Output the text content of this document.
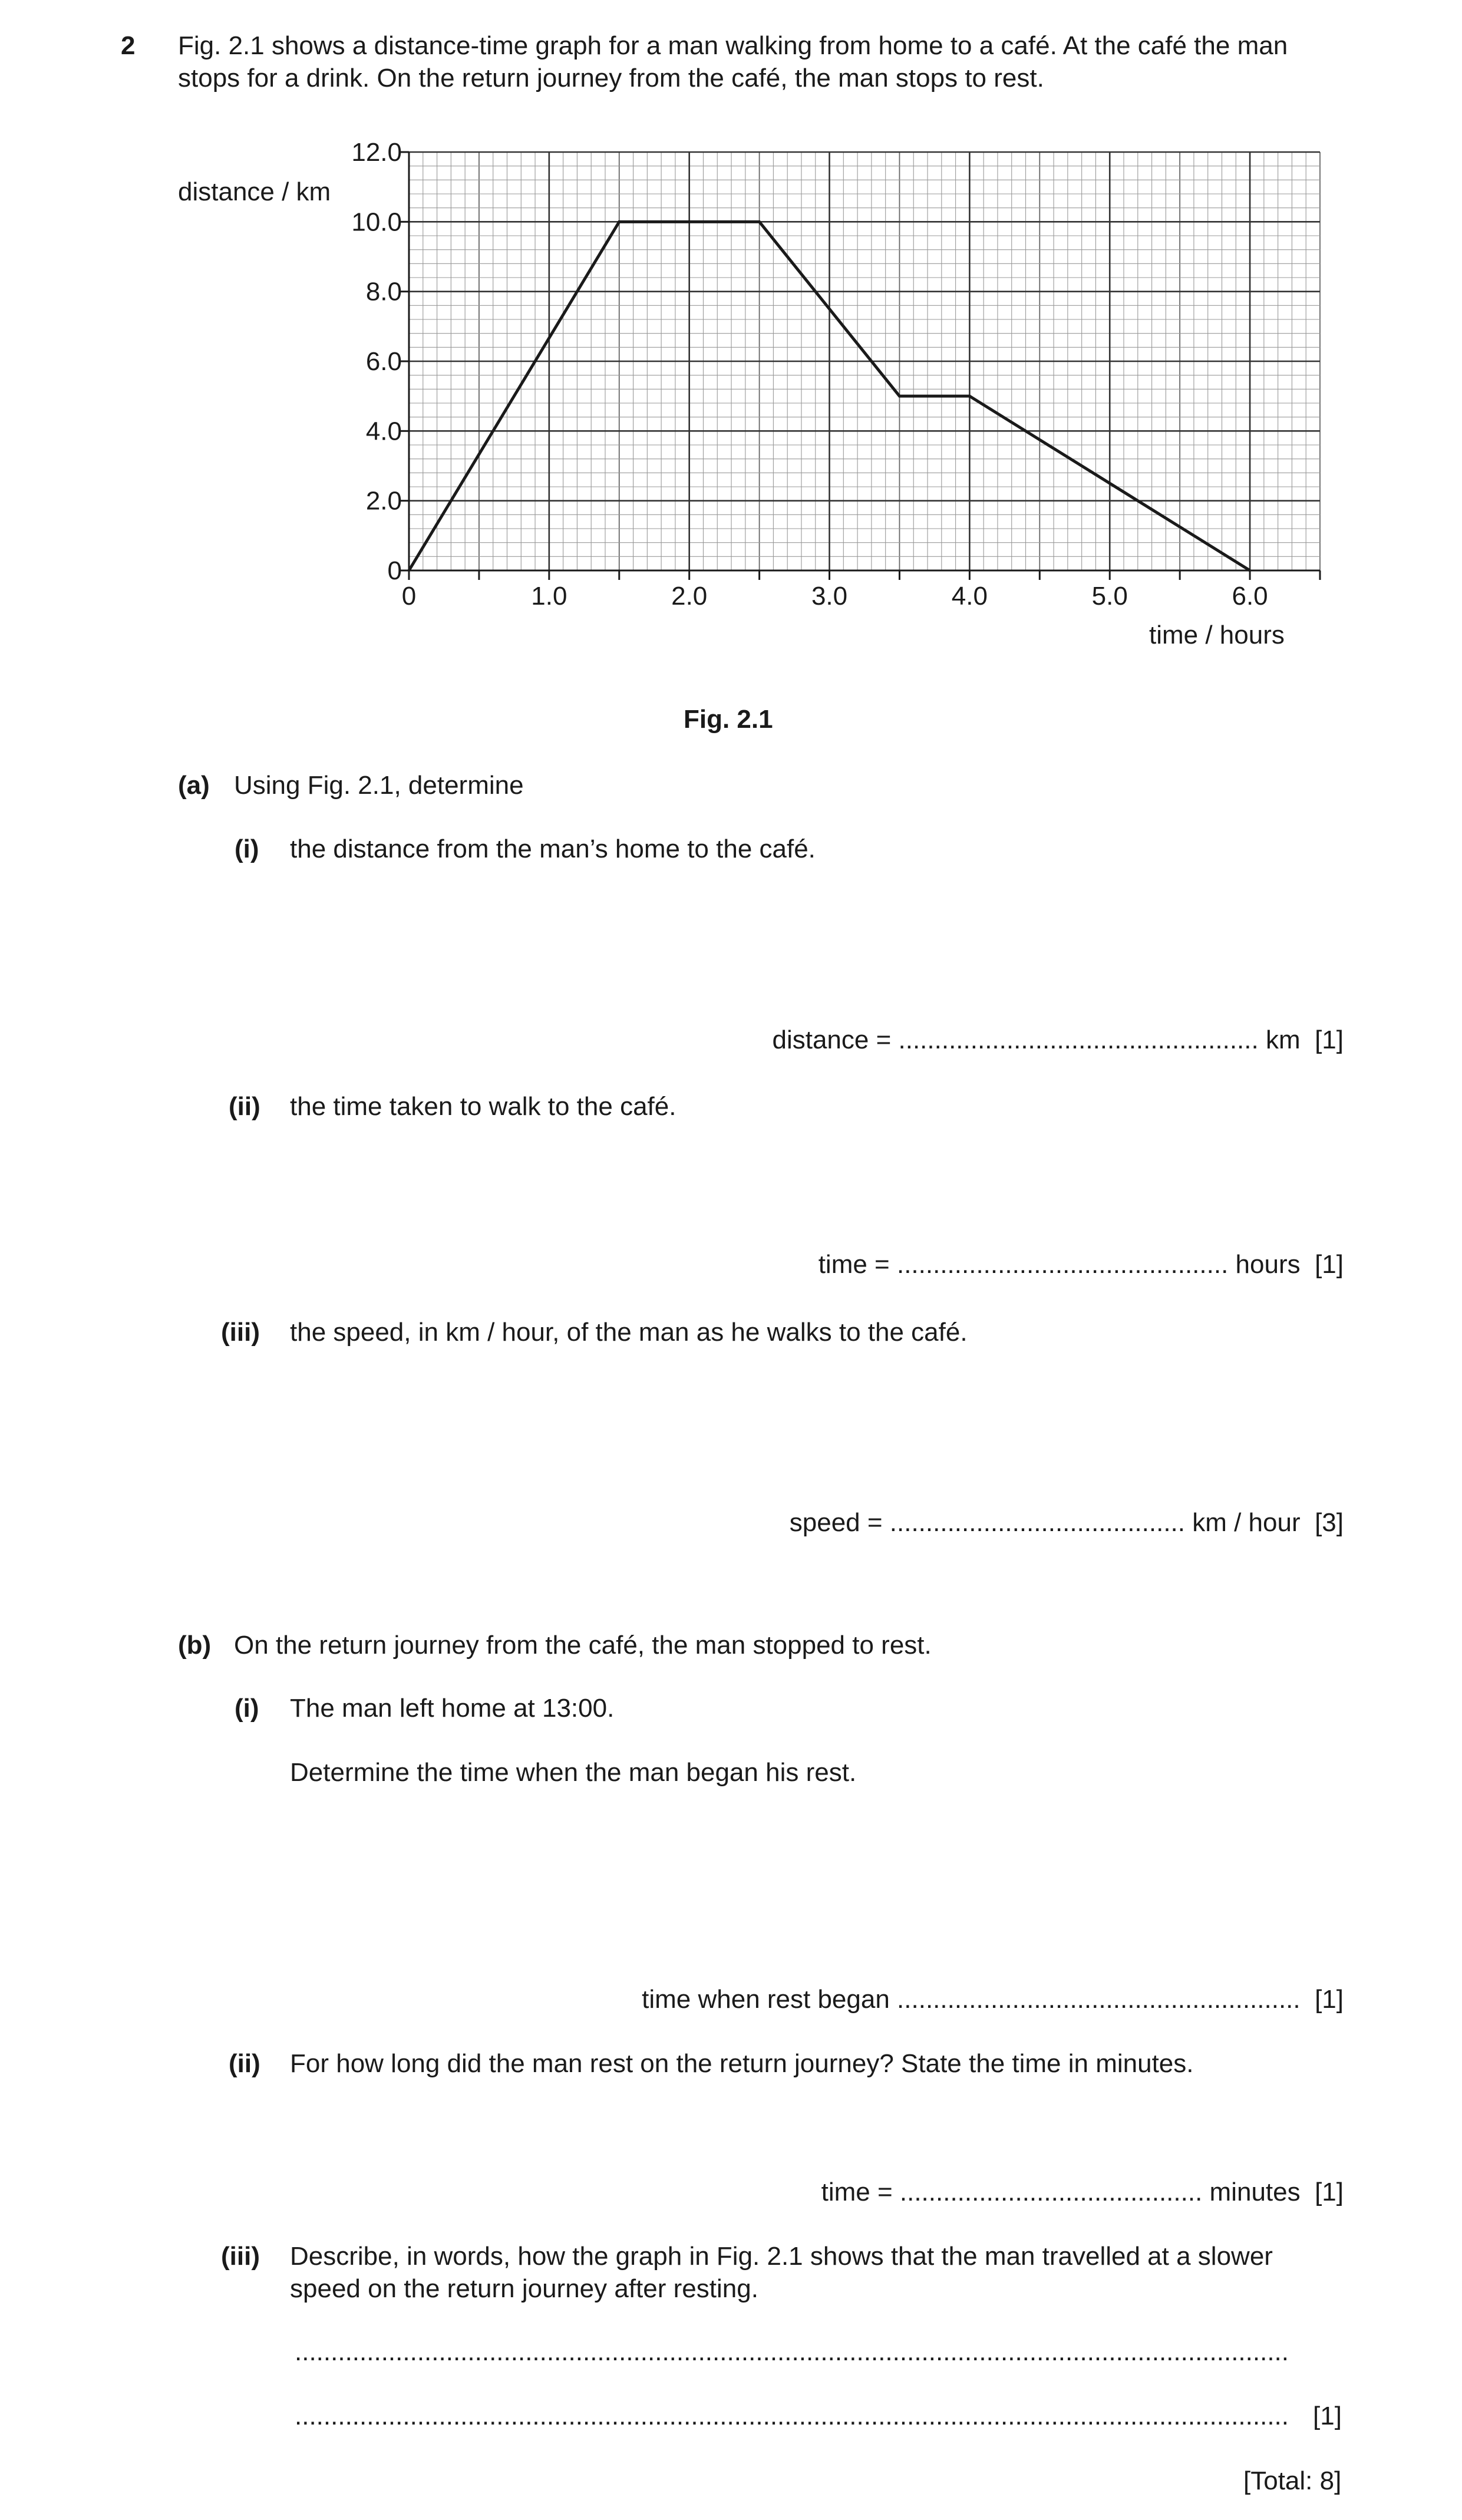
2 Fig. 2.1 shows a distance-time graph for a man walking from home to a café. At the café the man stops for a drink. On the return journey from the café, the man stops to rest.
0	1.0	2.0	3.0	4.0	5.0	6.0
0
2.0
4.0
6.0
8.0
10.0
12.0
distance / km
time / hours
Fig. 2.1
(a) Using Fig. 2.1, determine
(i) the distance from the man’s home to the café.
distance = .................................................. km [1]
(ii) the time taken to walk to the café.
time = .............................................. hours [1]
(iii) the speed, in km / hour, of the man as he walks to the café.
speed = ......................................... km / hour [3]
(b) On the return journey from the café, the man stopped to rest.
(i) The man left home at 13:00.
Determine the time when the man began his rest.
time when rest began ........................................................ [1]
(ii) For how long did the man rest on the return journey? State the time in minutes.
time = .......................................... minutes [1]
(iii) Describe, in words, how the graph in Fig. 2.1 shows that the man travelled at a slower speed on the return journey after resting.
..........................................................................................................................................
.......................................................................................................................................... [1]
[Total: 8]
